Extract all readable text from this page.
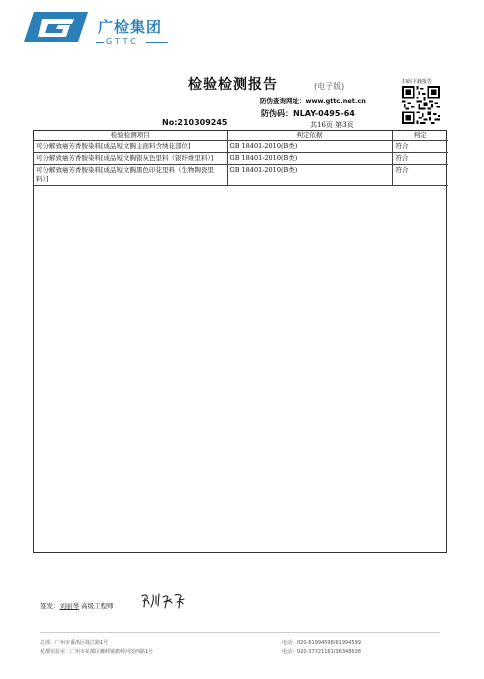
广检集团
GTTC
检验检测报告	(电子版)
防伪查询网址：www.gttc.net.cn
防伪码：NLAY-0495-64
扫码下载报告
No:210309245	共16页 第3页
检验检测项目	判定依据	判定
可分解致癌芳香胺染料[成品短文胸主面料含绣花部位]	GB 18401-2010(B类)	符合
可分解致癌芳香胺染料[成品短文胸银灰色里料（银纤维里料）]	GB 18401-2010(B类)	符合
可分解致癌芳香胺染料[成品短文胸黑色印花里料（生物陶瓷里料）]	GB 18401-2010(B类)	符合
签发：刘丽琴 高级工程师
总部：广州市番禺区珠江路1号
花都实验室：广州市花都区狮岭镇旗岭河滨西路1号
电话：020-61994598/61994599
电话：020-37721161/36348638
